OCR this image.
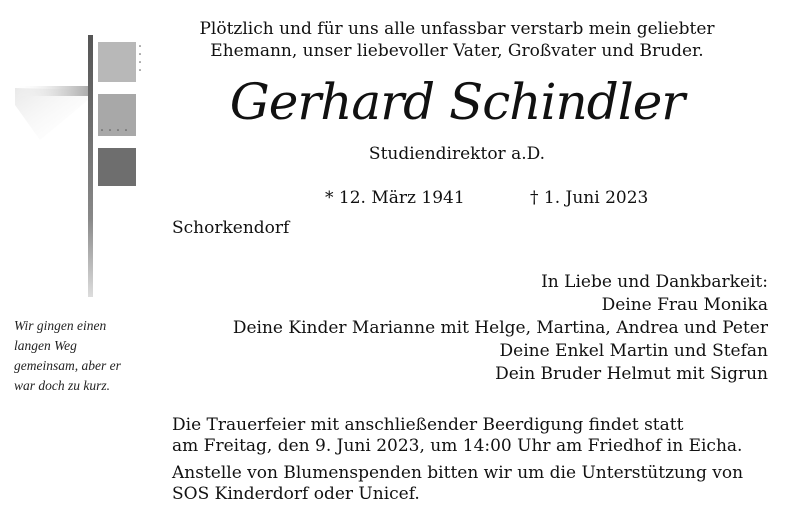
Wir gingen einen
langen Weg
gemeinsam, aber er
war doch zu kurz.
Plötzlich und für uns alle unfassbar verstarb mein geliebter
Ehemann, unser liebevoller Vater, Großvater und Bruder.
Gerhard Schindler
Studiendirektor a.D.
* 12. März 1941	† 1. Juni 2023
Schorkendorf
In Liebe und Dankbarkeit:
Deine Frau Monika
Deine Kinder Marianne mit Helge, Martina, Andrea und Peter
Deine Enkel Martin und Stefan
Dein Bruder Helmut mit Sigrun

Die Trauerfeier mit anschließender Beerdigung findet statt
am Freitag, den 9. Juni 2023, um 14:00 Uhr am Friedhof in Eicha.

Anstelle von Blumenspenden bitten wir um die Unterstützung von
SOS Kinderdorf oder Unicef.
